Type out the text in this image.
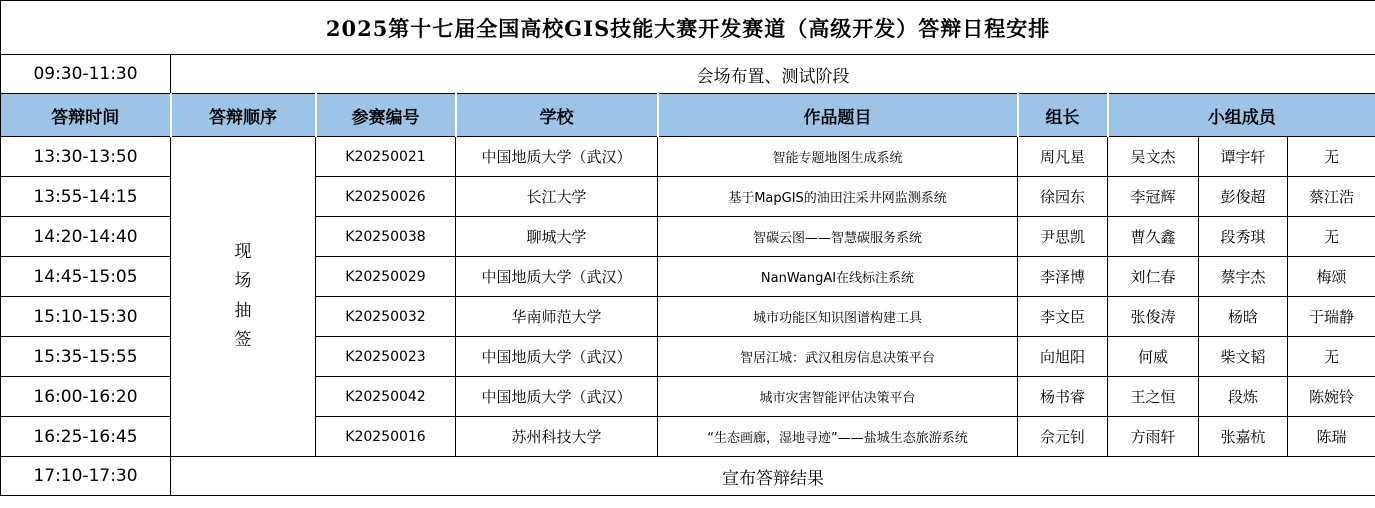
2025第十七届全国高校GIS技能大赛开发赛道（高级开发）答辩日程安排								
09:30-11:30	会场布置、测试阶段							
答辩时间	答辩顺序	参赛编号	学校	作品题目	组长	小组成员		
13:30-13:50	现场抽签	K20250021	中国地质大学（武汉）	智能专题地图生成系统	周凡星	吴文杰	谭宇轩	无
13:55-14:15		K20250026	长江大学	基于MapGIS的油田注采井网监测系统	徐园东	李冠辉	彭俊超	蔡江浩
14:20-14:40		K20250038	聊城大学	智碳云图——智慧碳服务系统	尹思凯	曹久鑫	段秀琪	无
14:45-15:05		K20250029	中国地质大学（武汉）	NanWangAI在线标注系统	李泽博	刘仁春	蔡宇杰	梅颂
15:10-15:30		K20250032	华南师范大学	城市功能区知识图谱构建工具	李文臣	张俊涛	杨晗	于瑞静
15:35-15:55		K20250023	中国地质大学（武汉）	智居江城：武汉租房信息决策平台	向旭阳	何威	柴文韬	无
16:00-16:20		K20250042	中国地质大学（武汉）	城市灾害智能评估决策平台	杨书睿	王之恒	段炼	陈婉铃
16:25-16:45		K20250016	苏州科技大学	“生态画廊，湿地寻迹”——盐城生态旅游系统	佘元钊	方雨轩	张嘉杭	陈瑞
17:10-17:30	宣布答辩结果							
